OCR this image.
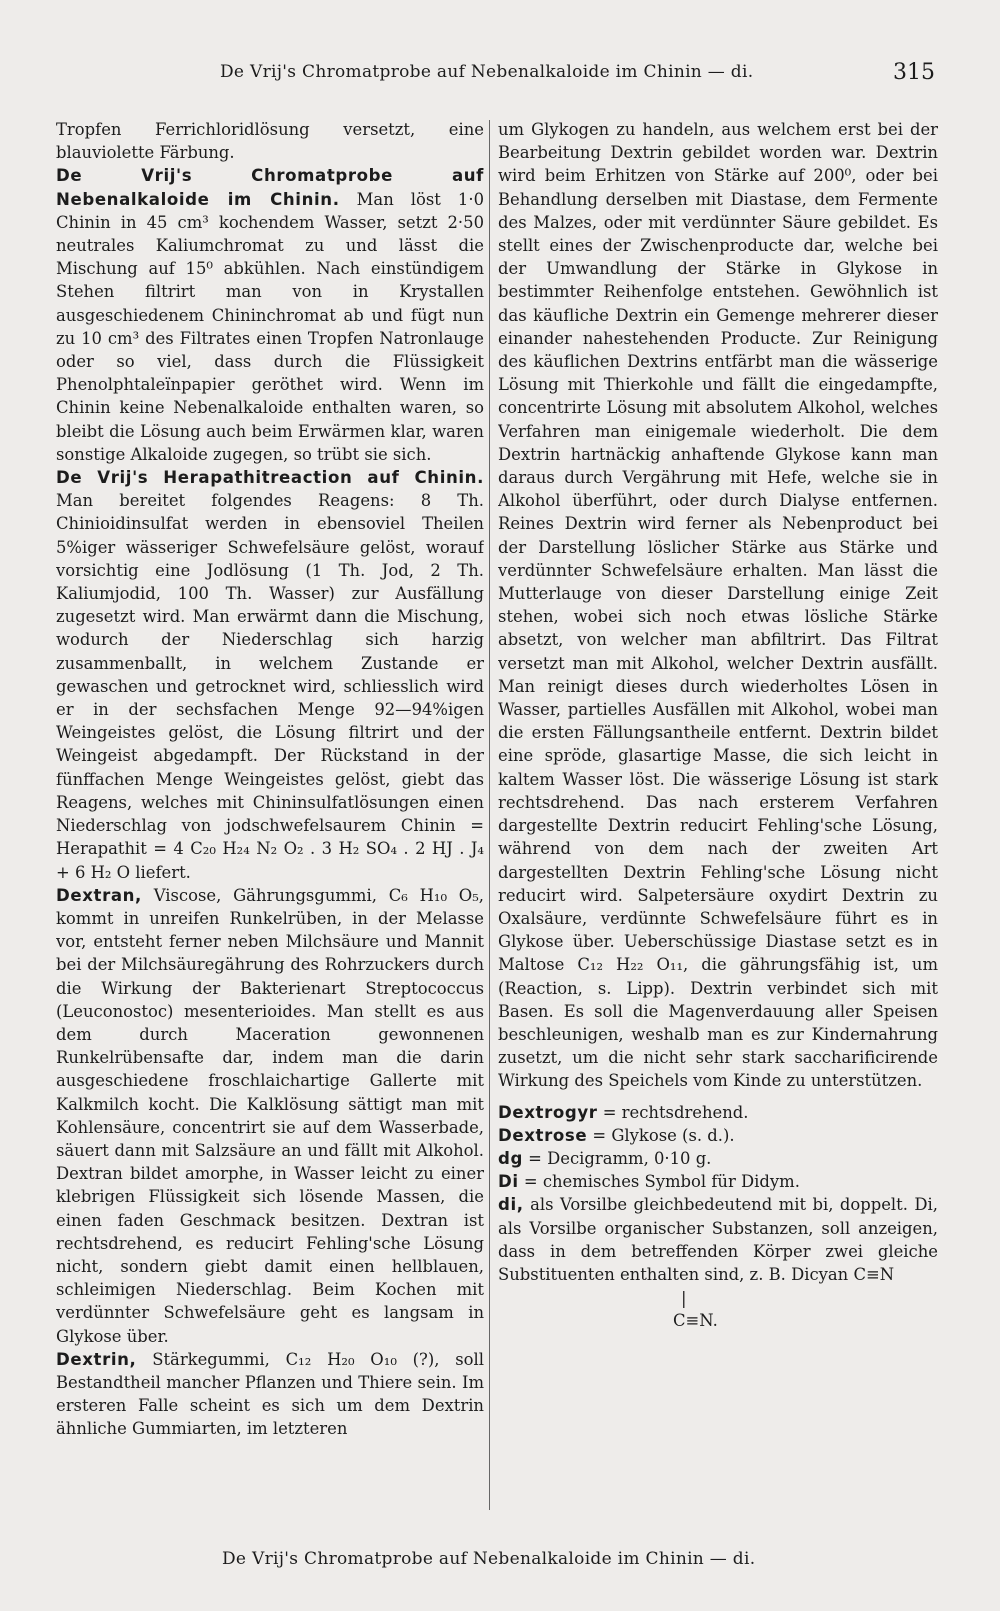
De Vrij's Chromatprobe auf Nebenalkaloide im Chinin — di.	315

Tropfen Ferrichloridlösung versetzt, eine blauviolette Färbung.

De Vrij's Chromatprobe auf Nebenalkaloide im Chinin. Man löst 1·0 Chinin in 45 cm³ kochendem Wasser, setzt 2·50 neutrales Kaliumchromat zu und lässt die Mischung auf 15⁰ abkühlen. Nach einstündigem Stehen filtrirt man von in Krystallen ausgeschiedenem Chininchromat ab und fügt nun zu 10 cm³ des Filtrates einen Tropfen Natronlauge oder so viel, dass durch die Flüssigkeit Phenolphtaleïnpapier geröthet wird. Wenn im Chinin keine Nebenalkaloide enthalten waren, so bleibt die Lösung auch beim Erwärmen klar, waren sonstige Alkaloide zugegen, so trübt sie sich.

De Vrij's Herapathitreaction auf Chinin. Man bereitet folgendes Reagens: 8 Th. Chinioidinsulfat werden in ebensoviel Theilen 5%iger wässeriger Schwefelsäure gelöst, worauf vorsichtig eine Jodlösung (1 Th. Jod, 2 Th. Kaliumjodid, 100 Th. Wasser) zur Ausfällung zugesetzt wird. Man erwärmt dann die Mischung, wodurch der Niederschlag sich harzig zusammenballt, in welchem Zustande er gewaschen und getrocknet wird, schliesslich wird er in der sechsfachen Menge 92—94%igen Weingeistes gelöst, die Lösung filtrirt und der Weingeist abgedampft. Der Rückstand in der fünffachen Menge Weingeistes gelöst, giebt das Reagens, welches mit Chininsulfatlösungen einen Niederschlag von jodschwefelsaurem Chinin = Herapathit = 4 C₂₀ H₂₄ N₂ O₂ . 3 H₂ SO₄ . 2 HJ . J₄ + 6 H₂ O liefert.

Dextran, Viscose, Gährungsgummi, C₆ H₁₀ O₅, kommt in unreifen Runkelrüben, in der Melasse vor, entsteht ferner neben Milchsäure und Mannit bei der Milchsäuregährung des Rohrzuckers durch die Wirkung der Bakterienart Streptococcus (Leuconostoc) mesenterioides. Man stellt es aus dem durch Maceration gewonnenen Runkelrübensafte dar, indem man die darin ausgeschiedene froschlaichartige Gallerte mit Kalkmilch kocht. Die Kalklösung sättigt man mit Kohlensäure, concentrirt sie auf dem Wasserbade, säuert dann mit Salzsäure an und fällt mit Alkohol. Dextran bildet amorphe, in Wasser leicht zu einer klebrigen Flüssigkeit sich lösende Massen, die einen faden Geschmack besitzen. Dextran ist rechtsdrehend, es reducirt Fehling'sche Lösung nicht, sondern giebt damit einen hellblauen, schleimigen Niederschlag. Beim Kochen mit verdünnter Schwefelsäure geht es langsam in Glykose über.

Dextrin, Stärkegummi, C₁₂ H₂₀ O₁₀ (?), soll Bestandtheil mancher Pflanzen und Thiere sein. Im ersteren Falle scheint es sich um dem Dextrin ähnliche Gummiarten, im letzteren

um Glykogen zu handeln, aus welchem erst bei der Bearbeitung Dextrin gebildet worden war. Dextrin wird beim Erhitzen von Stärke auf 200⁰, oder bei Behandlung derselben mit Diastase, dem Fermente des Malzes, oder mit verdünnter Säure gebildet. Es stellt eines der Zwischenproducte dar, welche bei der Umwandlung der Stärke in Glykose in bestimmter Reihenfolge entstehen. Gewöhnlich ist das käufliche Dextrin ein Gemenge mehrerer dieser einander nahestehenden Producte. Zur Reinigung des käuflichen Dextrins entfärbt man die wässerige Lösung mit Thierkohle und fällt die eingedampfte, concentrirte Lösung mit absolutem Alkohol, welches Verfahren man einigemale wiederholt. Die dem Dextrin hartnäckig anhaftende Glykose kann man daraus durch Vergährung mit Hefe, welche sie in Alkohol überführt, oder durch Dialyse entfernen. Reines Dextrin wird ferner als Nebenproduct bei der Darstellung löslicher Stärke aus Stärke und verdünnter Schwefelsäure erhalten. Man lässt die Mutterlauge von dieser Darstellung einige Zeit stehen, wobei sich noch etwas lösliche Stärke absetzt, von welcher man abfiltrirt. Das Filtrat versetzt man mit Alkohol, welcher Dextrin ausfällt. Man reinigt dieses durch wiederholtes Lösen in Wasser, partielles Ausfällen mit Alkohol, wobei man die ersten Fällungsantheile entfernt. Dextrin bildet eine spröde, glasartige Masse, die sich leicht in kaltem Wasser löst. Die wässerige Lösung ist stark rechtsdrehend. Das nach ersterem Verfahren dargestellte Dextrin reducirt Fehling'sche Lösung, während von dem nach der zweiten Art dargestellten Dextrin Fehling'sche Lösung nicht reducirt wird. Salpetersäure oxydirt Dextrin zu Oxalsäure, verdünnte Schwefelsäure führt es in Glykose über. Ueberschüssige Diastase setzt es in Maltose C₁₂ H₂₂ O₁₁, die gährungsfähig ist, um (Reaction, s. Lipp). Dextrin verbindet sich mit Basen. Es soll die Magenverdauung aller Speisen beschleunigen, weshalb man es zur Kindernahrung zusetzt, um die nicht sehr stark saccharificirende Wirkung des Speichels vom Kinde zu unterstützen.

Dextrogyr = rechtsdrehend.

Dextrose = Glykose (s. d.).

dg = Decigramm, 0·10 g.

Di = chemisches Symbol für Didym.

di, als Vorsilbe gleichbedeutend mit bi, doppelt. Di, als Vorsilbe organischer Substanzen, soll anzeigen, dass in dem betreffenden Körper zwei gleiche Substituenten enthalten sind, z. B. Dicyan C≡N

|
C≡N.

De Vrij's Chromatprobe auf Nebenalkaloide im Chinin — di.
